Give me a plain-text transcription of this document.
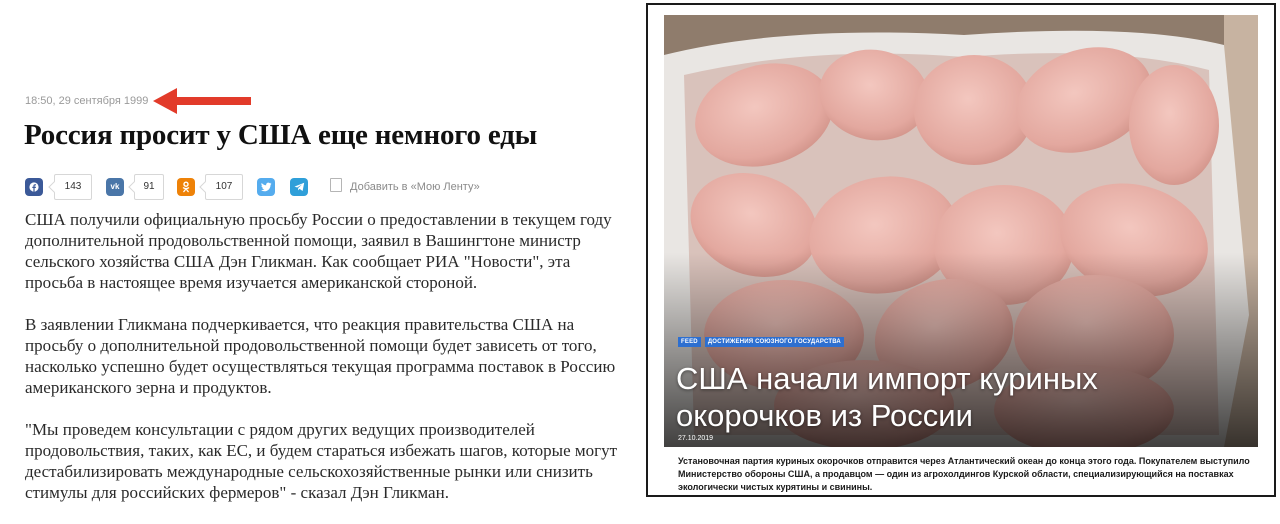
18:50, 29 сентября 1999
Россия просит у США еще немного еды
143	vk	91	107	Добавить в «Мою Ленту»

США получили официальную просьбу России о предоставлении в текущем году дополнительной продовольственной помощи, заявил в Вашингтоне министр сельского хозяйства США Дэн Гликман. Как сообщает РИА "Новости", эта просьба в настоящее время изучается американской стороной.

В заявлении Гликмана подчеркивается, что реакция правительства США на просьбу о дополнительной продовольственной помощи будет зависеть от того, насколько успешно будет осуществляться текущая программа поставок в Россию американского зерна и продуктов.

"Мы проведем консультации с рядом других ведущих производителей продовольствия, таких, как ЕС, и будем стараться избежать шагов, которые могут дестабилизировать международные сельскохозяйственные рынки или снизить стимулы для российских фермеров" - сказал Дэн Гликман.

FEED	ДОСТИЖЕНИЯ СОЮЗНОГО ГОСУДАРСТВА
США начали импорт куриных окорочков из России
27.10.2019
Установочная партия куриных окорочков отправится через Атлантический океан до конца этого года. Покупателем выступило Министерство обороны США, а продавцом — один из агрохолдингов Курской области, специализирующийся на поставках экологически чистых курятины и свинины.
